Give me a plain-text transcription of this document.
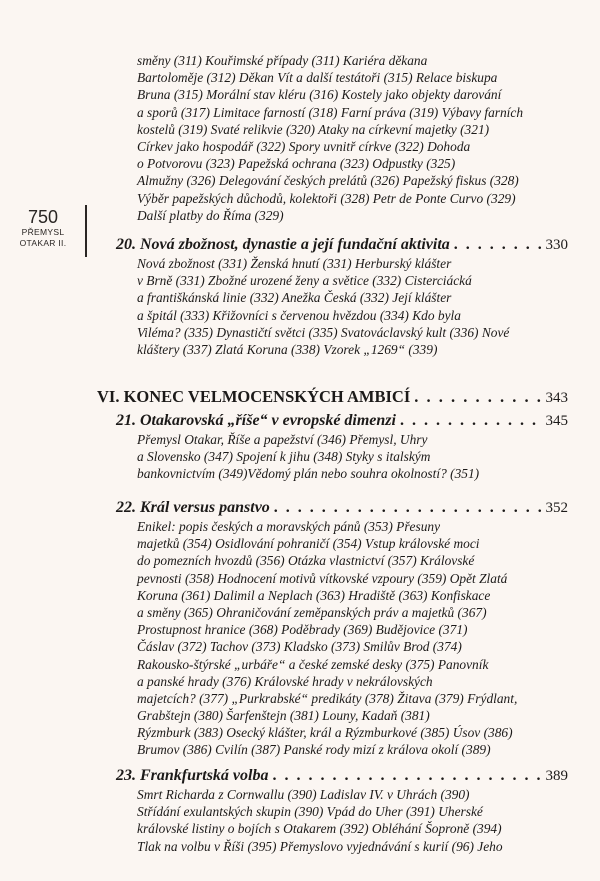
750
PŘEMYSL
OTAKAR II.
směny (311) Kouřimské případy (311) Kariéra děkana
Bartoloměje (312) Děkan Vít a další testátoři (315) Relace biskupa
Bruna (315) Morální stav kléru (316) Kostely jako objekty darování
a sporů (317) Limitace farností (318) Farní práva (319) Výbavy farních
kostelů (319) Svaté relikvie (320) Ataky na církevní majetky (321)
Církev jako hospodář (322) Spory uvnitř církve (322) Dohoda
o Potvorovu (323) Papežská ochrana (323) Odpustky (325)
Almužny (326) Delegování českých prelátů (326) Papežský fiskus (328)
Výběr papežských důchodů, kolektoři (328) Petr de Ponte Curvo (329)
Další platby do Říma (329)
20. Nová zbožnost, dynastie a její fundační aktivita . . .	330
Nová zbožnost (331) Ženská hnutí (331) Herburský klášter
v Brně (331) Zbožné urozené ženy a světice (332) Cisterciácká
a františkánská linie (332) Anežka Česká (332) Její klášter
a špitál (333) Křižovníci s červenou hvězdou (334) Kdo byla
Viléma? (335) Dynastičtí světci (335) Svatováclavský kult (336) Nové
kláštery (337) Zlatá Koruna (338) Vzorek „1269“ (339)
VI. KONEC VELMOCENSKÝCH AMBICÍ . . .	343
21. Otakarovská „říše“ v evropské dimenzi . . .	345
Přemysl Otakar, Říše a papežství (346) Přemysl, Uhry
a Slovensko (347) Spojení k jihu (348) Styky s italským
bankovnictvím (349)Vědomý plán nebo souhra okolností? (351)
22. Král versus panstvo . . .	352
Enikel: popis českých a moravských pánů (353) Přesuny
majetků (354) Osidlování pohraničí (354) Vstup královské moci
do pomezních hvozdů (356) Otázka vlastnictví (357) Královské
pevnosti (358) Hodnocení motivů vítkovské vzpoury (359) Opět Zlatá
Koruna (361) Dalimil a Neplach (363) Hradiště (363) Konfiskace
a směny (365) Ohraničování zeměpanských práv a majetků (367)
Prostupnost hranice (368) Poděbrady (369) Budějovice (371)
Čáslav (372) Tachov (373) Kladsko (373) Smilův Brod (374)
Rakousko-štýrské „urbáře“ a české zemské desky (375) Panovník
a panské hrady (376) Královské hrady v nekrálovských
majetcích? (377) „Purkrabské“ predikáty (378) Žitava (379) Frýdlant,
Grabštejn (380) Šarfenštejn (381) Louny, Kadaň (381)
Rýzmburk (383) Osecký klášter, král a Rýzmburkové (385) Úsov (386)
Brumov (386) Cvilín (387) Panské rody mizí z králova okolí (389)
23. Frankfurtská volba . . .	389
Smrt Richarda z Cornwallu (390) Ladislav IV. v Uhrách (390)
Střídání exulantských skupin (390) Vpád do Uher (391) Uherské
královské listiny o bojích s Otakarem (392) Obléhání Šoproně (394)
Tlak na volbu v Říši (395) Přemyslovo vyjednávání s kurií (96) Jeho
